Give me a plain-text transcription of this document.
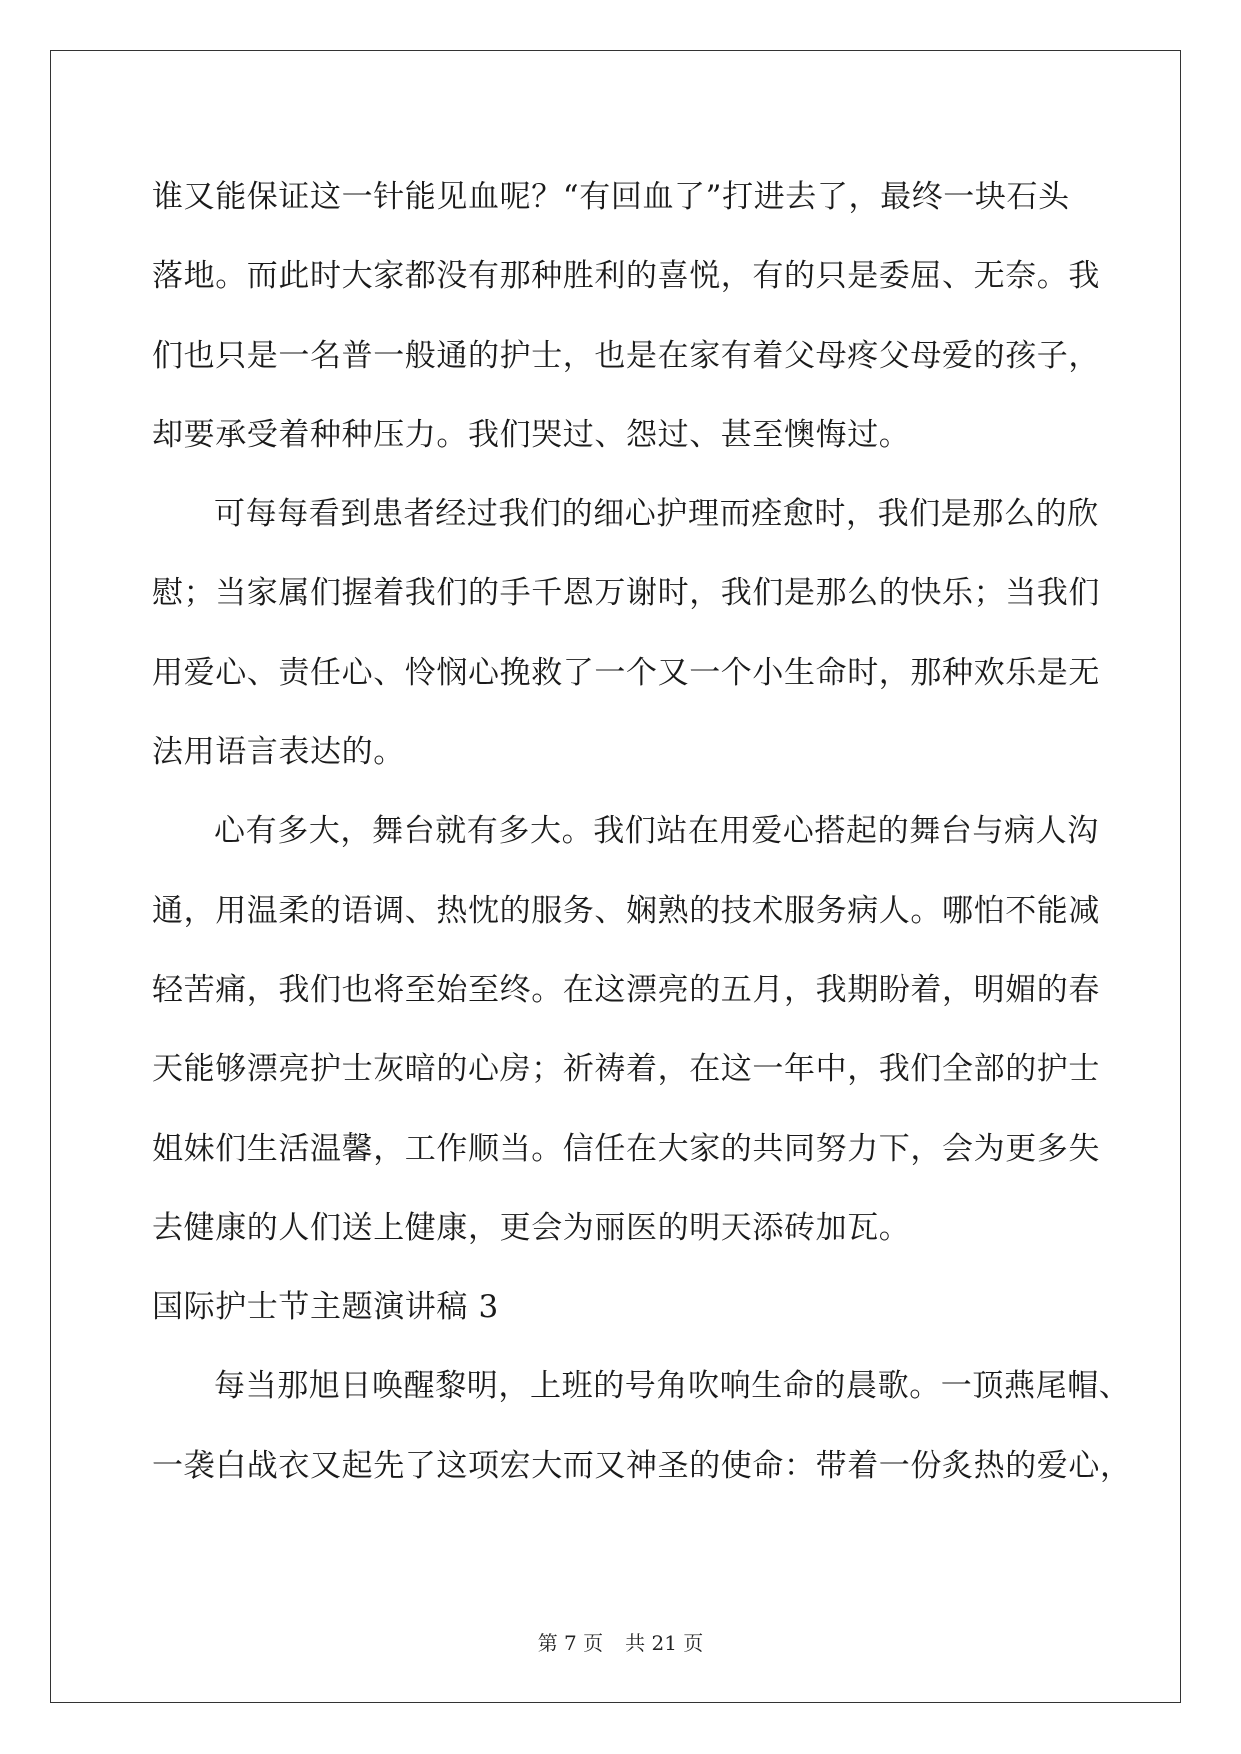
谁又能保证这一针能见血呢？“有回血了”打进去了，最终一块石头
落地。而此时大家都没有那种胜利的喜悦，有的只是委屈、无奈。我
们也只是一名普一般通的护士，也是在家有着父母疼父母爱的孩子，
却要承受着种种压力。我们哭过、怨过、甚至懊悔过。
可每每看到患者经过我们的细心护理而痊愈时，我们是那么的欣
慰；当家属们握着我们的手千恩万谢时，我们是那么的快乐；当我们
用爱心、责任心、怜悯心挽救了一个又一个小生命时，那种欢乐是无
法用语言表达的。
心有多大，舞台就有多大。我们站在用爱心搭起的舞台与病人沟
通，用温柔的语调、热忱的服务、娴熟的技术服务病人。哪怕不能减
轻苦痛，我们也将至始至终。在这漂亮的五月，我期盼着，明媚的春
天能够漂亮护士灰暗的心房；祈祷着，在这一年中，我们全部的护士
姐妹们生活温馨，工作顺当。信任在大家的共同努力下，会为更多失
去健康的人们送上健康，更会为丽医的明天添砖加瓦。
国际护士节主题演讲稿 3
每当那旭日唤醒黎明，上班的号角吹响生命的晨歌。一顶燕尾帽、
一袭白战衣又起先了这项宏大而又神圣的使命：带着一份炙热的爱心，
第 7 页 共 21 页
